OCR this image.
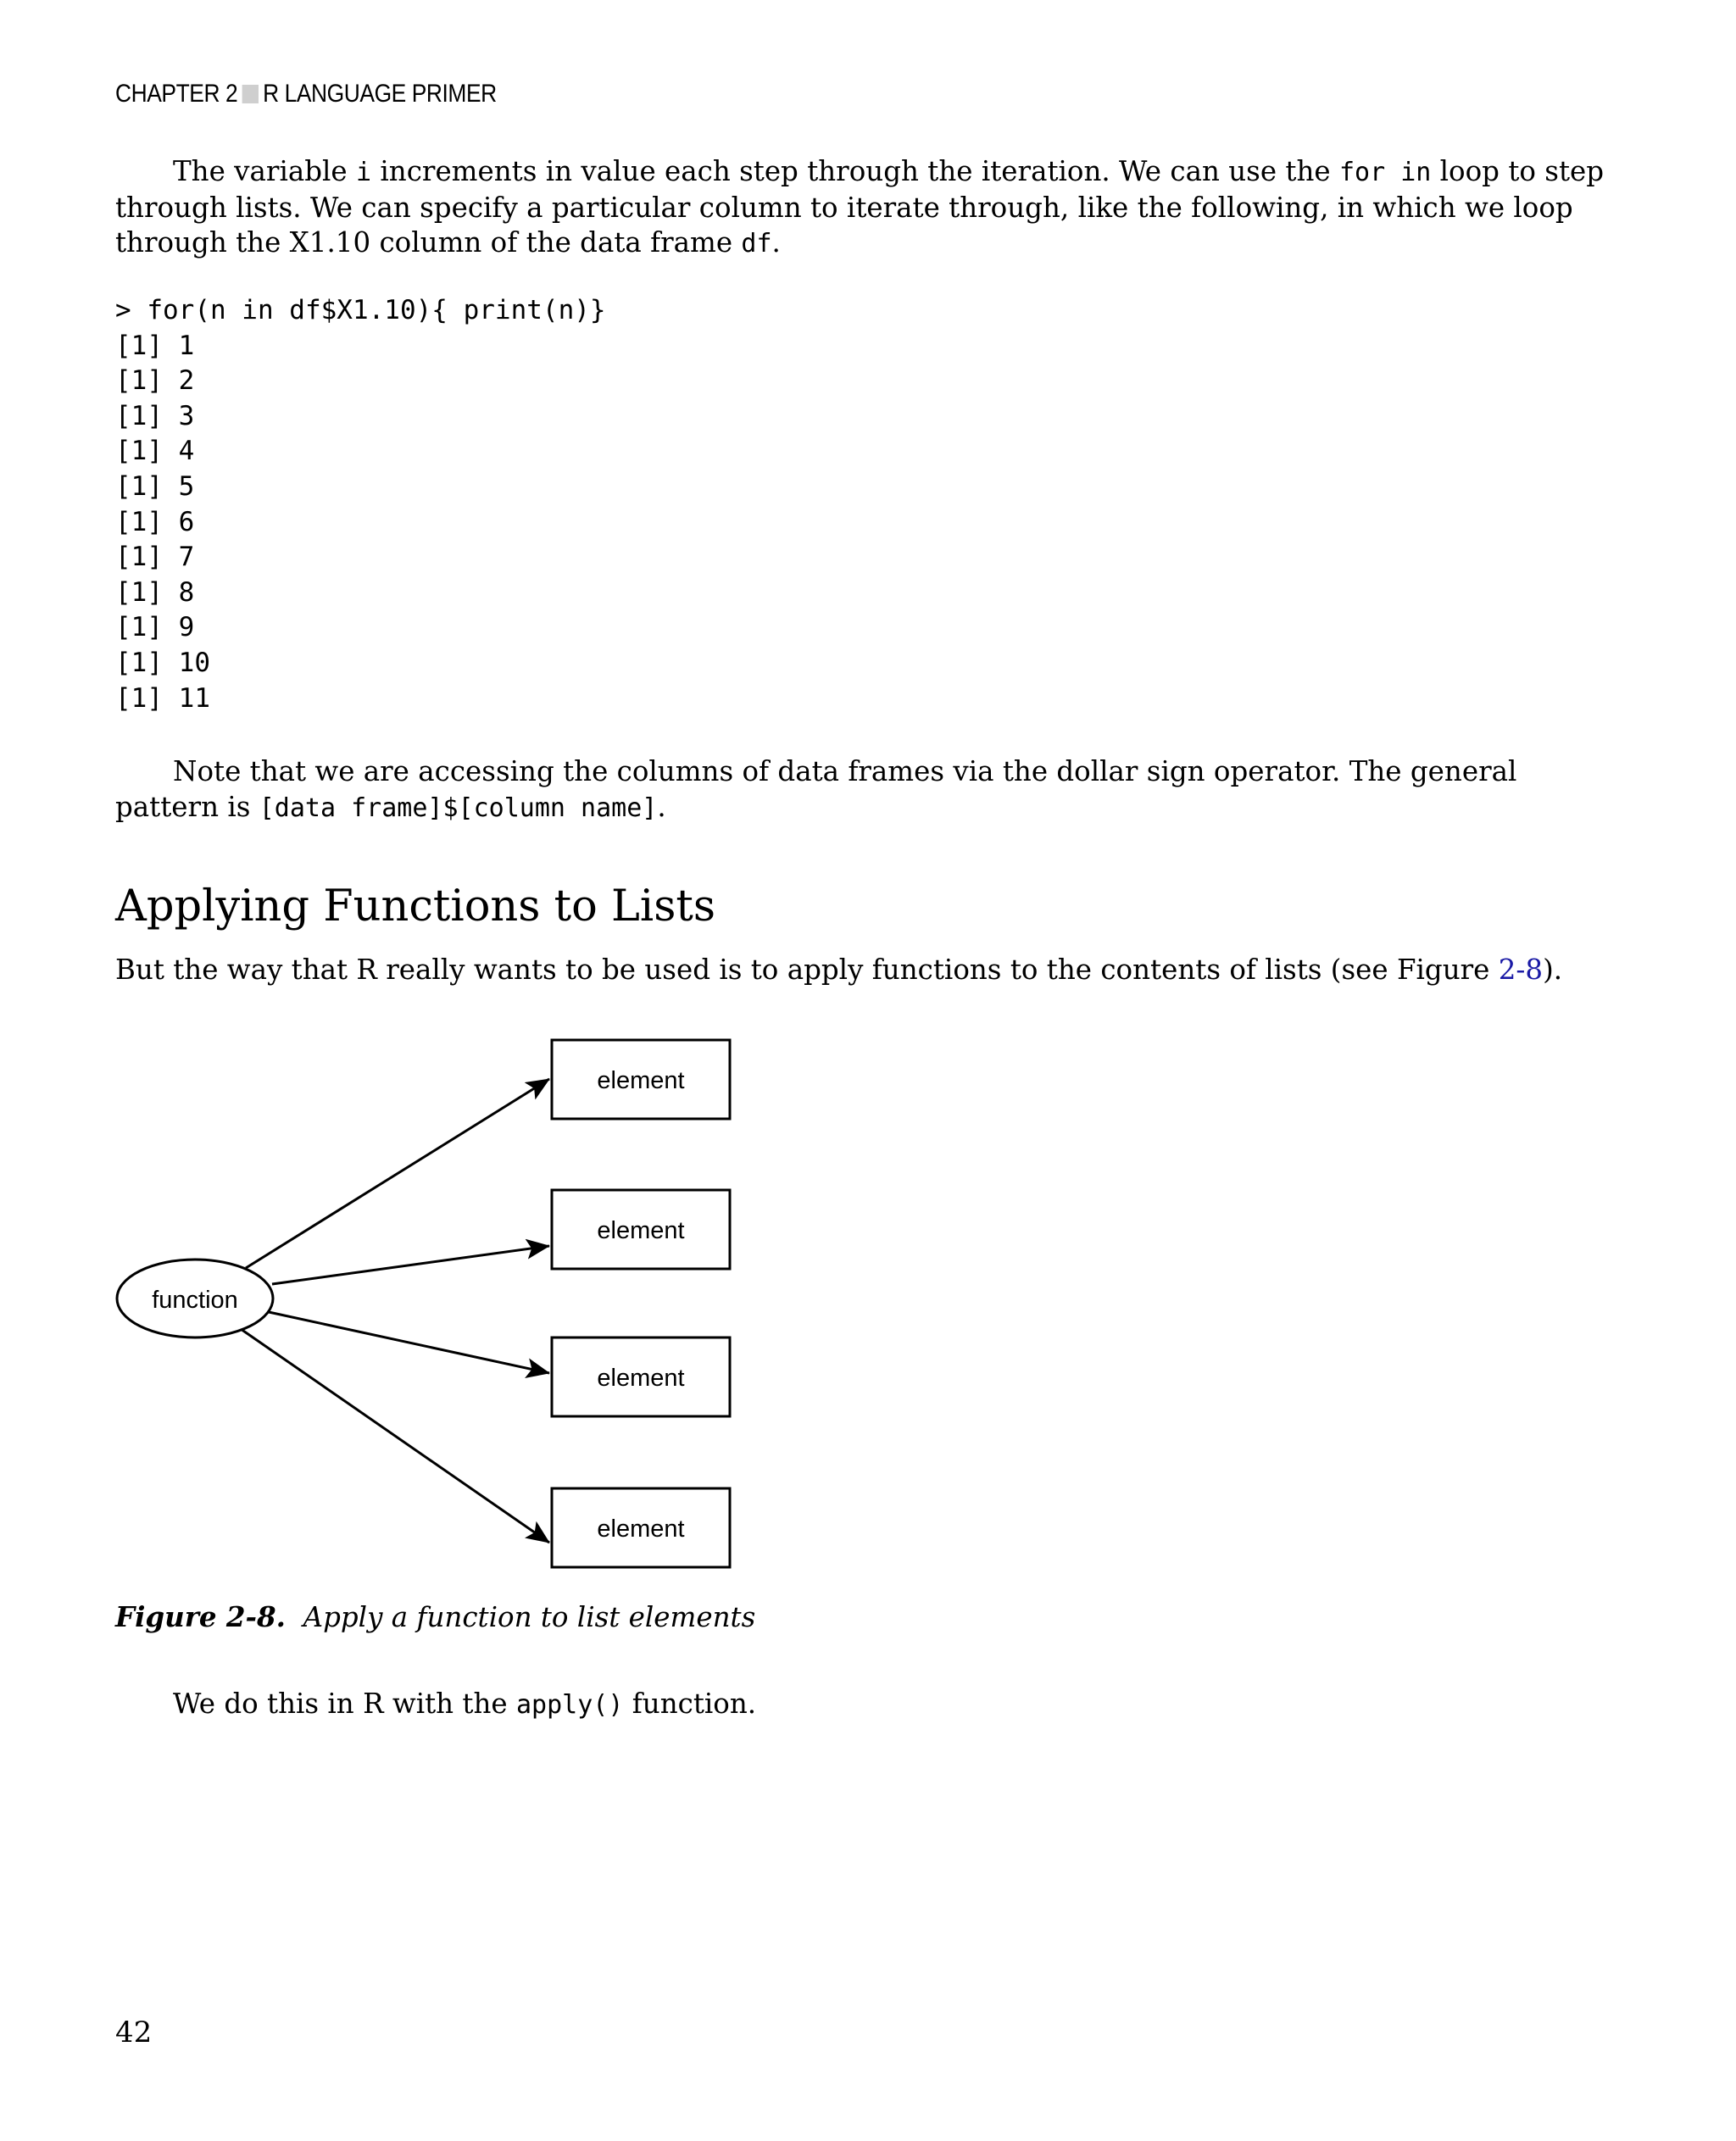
CHAPTER 2 R LANGUAGE PRIMER

The variable i increments in value each step through the iteration. We can use the for in loop to step through lists. We can specify a particular column to iterate through, like the following, in which we loop through the X1.10 column of the data frame df.

> for(n in df$X1.10){ print(n)}
[1] 1
[1] 2
[1] 3
[1] 4
[1] 5
[1] 6
[1] 7
[1] 8
[1] 9
[1] 10
[1] 11

Note that we are accessing the columns of data frames via the dollar sign operator. The general pattern is [data frame]$[column name].

Applying Functions to Lists

But the way that R really wants to be used is to apply functions to the contents of lists (see Figure 2-8).

function
element
element
element
element
Figure 2-8. Apply a function to list elements

We do this in R with the apply() function.

42
